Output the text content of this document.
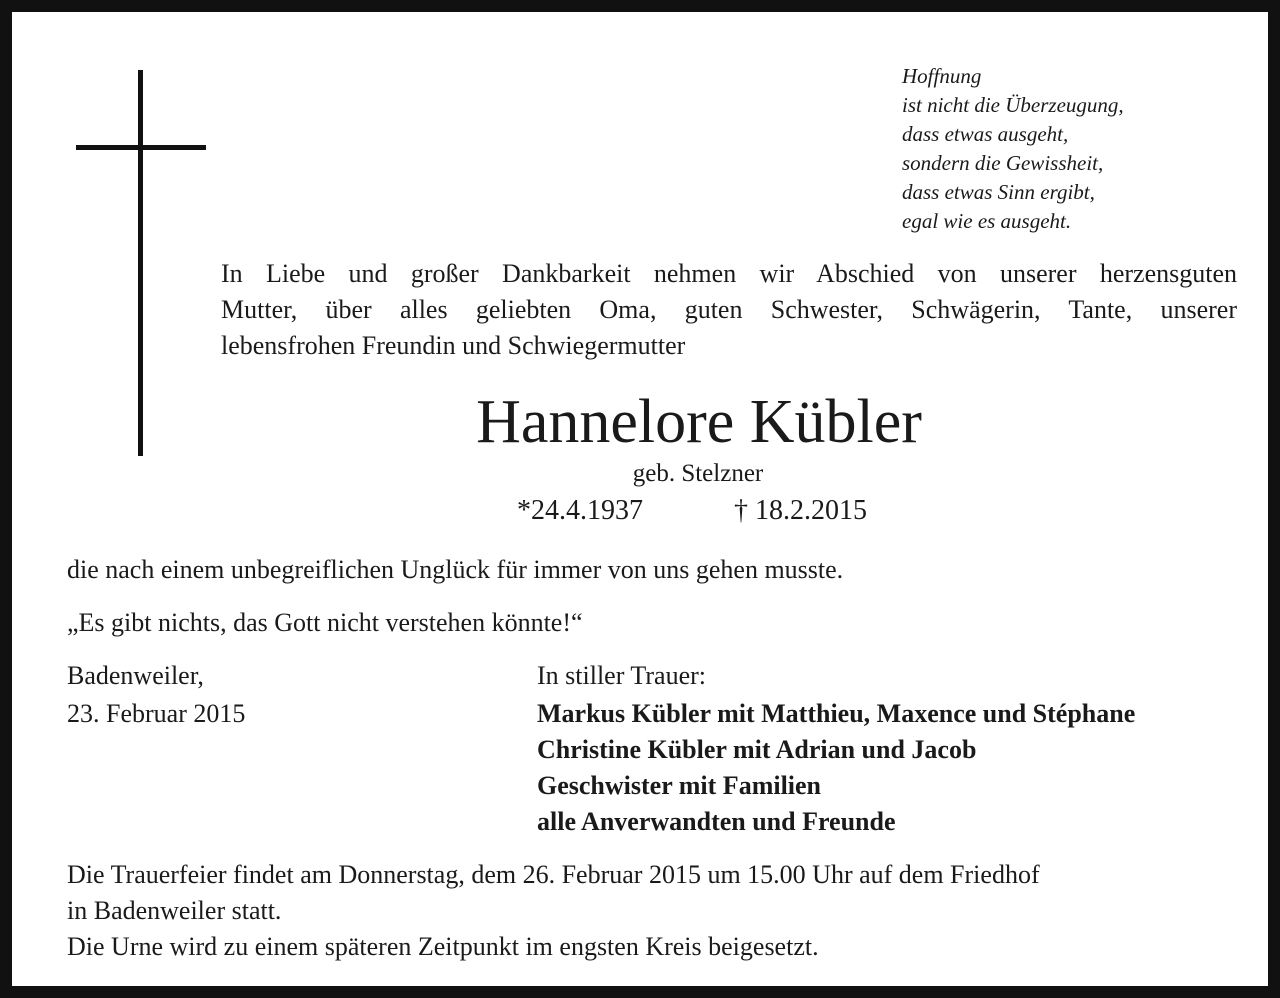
Hoffnung
ist nicht die Überzeugung,
dass etwas ausgeht,
sondern die Gewissheit,
dass etwas Sinn ergibt,
egal wie es ausgeht.
In Liebe und großer Dankbarkeit nehmen wir Abschied von unserer herzensguten
Mutter, über alles geliebten Oma, guten Schwester, Schwägerin, Tante, unserer
lebensfrohen Freundin und Schwiegermutter
Hannelore Kübler
geb. Stelzner
*24.4.1937	† 18.2.2015
die nach einem unbegreiflichen Unglück für immer von uns gehen musste.
„Es gibt nichts, das Gott nicht verstehen könnte!“
Badenweiler,
23. Februar 2015
In stiller Trauer:
Markus Kübler mit Matthieu, Maxence und Stéphane
Christine Kübler mit Adrian und Jacob
Geschwister mit Familien
alle Anverwandten und Freunde
Die Trauerfeier findet am Donnerstag, dem 26. Februar 2015 um 15.00 Uhr auf dem Friedhof
in Badenweiler statt.
Die Urne wird zu einem späteren Zeitpunkt im engsten Kreis beigesetzt.
